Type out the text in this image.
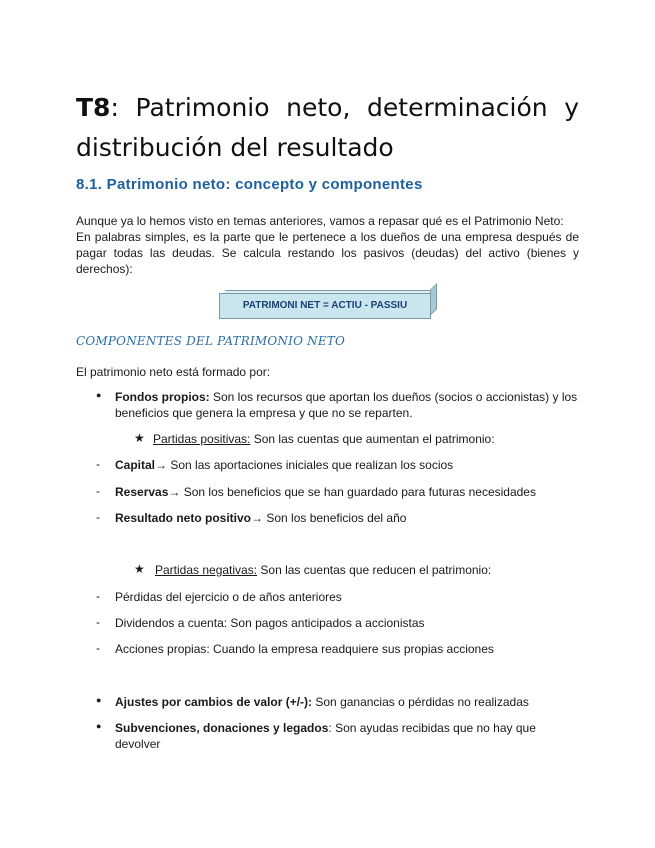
T8: Patrimonio neto, determinación y distribución del resultado
8.1. Patrimonio neto: concepto y componentes

Aunque ya lo hemos visto en temas anteriores, vamos a repasar qué es el Patrimonio Neto:

En palabras simples, es la parte que le pertenece a los dueños de una empresa después de pagar todas las deudas. Se calcula restando los pasivos (deudas) del activo (bienes y derechos):

PATRIMONI NET = ACTIU - PASSIU
COMPONENTES DEL PATRIMONIO NETO
El patrimonio neto está formado por:
● Fondos propios: Son los recursos que aportan los dueños (socios o accionistas) y los beneficios que genera la empresa y que no se reparten.
★ Partidas positivas: Son las cuentas que aumentan el patrimonio:
- Capital→ Son las aportaciones iniciales que realizan los socios
- Reservas→ Son los beneficios que se han guardado para futuras necesidades
- Resultado neto positivo→ Son los beneficios del año
★ Partidas negativas: Son las cuentas que reducen el patrimonio:
- Pérdidas del ejercicio o de años anteriores
- Dividendos a cuenta: Son pagos anticipados a accionistas
- Acciones propias: Cuando la empresa readquiere sus propias acciones
● Ajustes por cambios de valor (+/-): Son ganancias o pérdidas no realizadas
● Subvenciones, donaciones y legados: Son ayudas recibidas que no hay que devolver
